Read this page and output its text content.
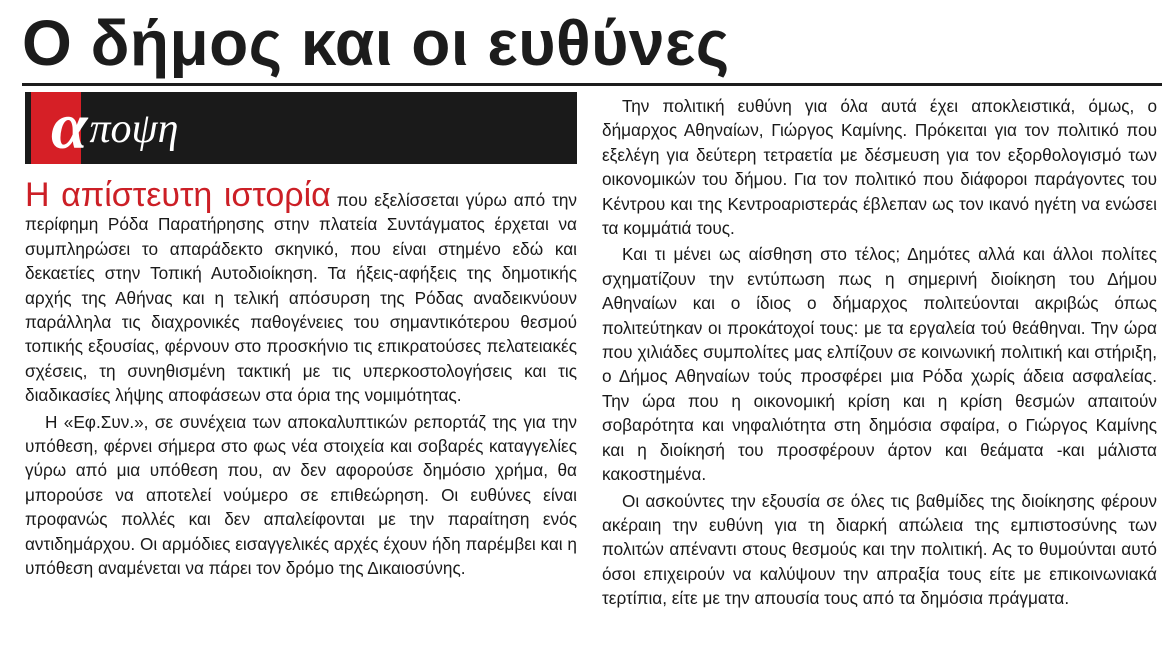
Ο δήμος και οι ευθύνες
αποψη

Η απίστευτη ιστορία που εξελίσσεται γύρω από την περίφημη Ρόδα Παρατήρησης στην πλατεία Συντάγματος έρχεται να συμπληρώσει το απαράδεκτο σκηνικό, που είναι στημένο εδώ και δεκαετίες στην Τοπική Αυτοδιοίκηση. Τα ήξεις-αφήξεις της δημοτικής αρχής της Αθήνας και η τελική απόσυρση της Ρόδας αναδεικνύουν παράλληλα τις διαχρονικές παθογένειες του σημαντικότερου θεσμού τοπικής εξουσίας, φέρνουν στο προσκήνιο τις επικρατούσες πελατειακές σχέσεις, τη συνηθισμένη τακτική με τις υπερκοστολογήσεις και τις διαδικασίες λήψης αποφάσεων στα όρια της νομιμότητας.

Η «Εφ.Συν.», σε συνέχεια των αποκαλυπτικών ρεπορτάζ της για την υπόθεση, φέρνει σήμερα στο φως νέα στοιχεία και σοβαρές καταγγελίες γύρω από μια υπόθεση που, αν δεν αφορούσε δημόσιο χρήμα, θα μπορούσε να αποτελεί νούμερο σε επιθεώρηση. Οι ευθύνες είναι προφανώς πολλές και δεν απαλείφονται με την παραίτηση ενός αντιδημάρχου. Οι αρμόδιες εισαγγελικές αρχές έχουν ήδη παρέμβει και η υπόθεση αναμένεται να πάρει τον δρόμο της Δικαιοσύνης.

Την πολιτική ευθύνη για όλα αυτά έχει αποκλειστικά, όμως, ο δήμαρχος Αθηναίων, Γιώργος Καμίνης. Πρόκειται για τον πολιτικό που εξελέγη για δεύτερη τετραετία με δέσμευση για τον εξορθολογισμό των οικονομικών του δήμου. Για τον πολιτικό που διάφοροι παράγοντες του Κέντρου και της Κεντροαριστεράς έβλεπαν ως τον ικανό ηγέτη να ενώσει τα κομμάτιά τους.

Και τι μένει ως αίσθηση στο τέλος; Δημότες αλλά και άλλοι πολίτες σχηματίζουν την εντύπωση πως η σημερινή διοίκηση του Δήμου Αθηναίων και ο ίδιος ο δήμαρχος πολιτεύονται ακριβώς όπως πολιτεύτηκαν οι προκάτοχοί τους: με τα εργαλεία τού θεάθηναι. Την ώρα που χιλιάδες συμπολίτες μας ελπίζουν σε κοινωνική πολιτική και στήριξη, ο Δήμος Αθηναίων τούς προσφέρει μια Ρόδα χωρίς άδεια ασφαλείας. Την ώρα που η οικονομική κρίση και η κρίση θεσμών απαιτούν σοβαρότητα και νηφαλιότητα στη δημόσια σφαίρα, ο Γιώργος Καμίνης και η διοίκησή του προσφέρουν άρτον και θεάματα -και μάλιστα κακοστημένα.

Οι ασκούντες την εξουσία σε όλες τις βαθμίδες της διοίκησης φέρουν ακέραιη την ευθύνη για τη διαρκή απώλεια της εμπιστοσύνης των πολιτών απέναντι στους θεσμούς και την πολιτική. Ας το θυμούνται αυτό όσοι επιχειρούν να καλύψουν την απραξία τους είτε με επικοινωνιακά τερτίπια, είτε με την απουσία τους από τα δημόσια πράγματα.
